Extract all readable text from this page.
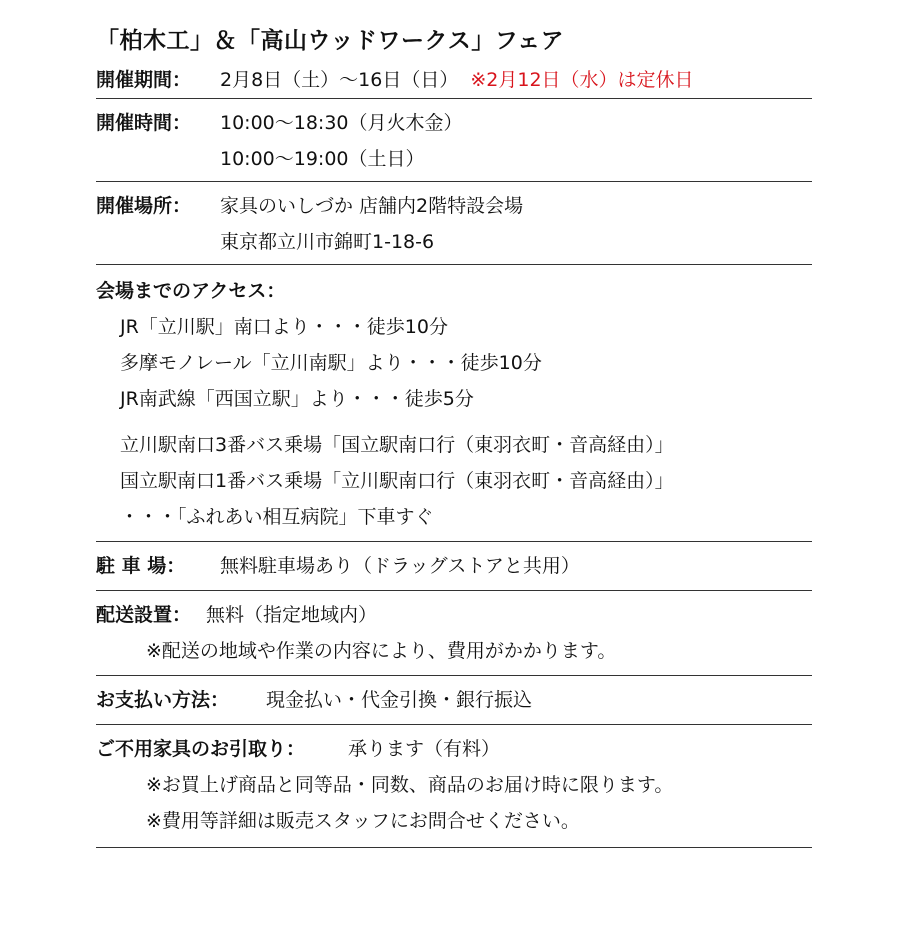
「柏木工」＆「高山ウッドワークス」フェア
開催期間：	2月8日（土）〜16日（日） ※2月12日（水）は定休日
開催時間：	10:00〜18:30（月火木金）
10:00〜19:00（土日）
開催場所：	家具のいしづか 店舗内2階特設会場
東京都立川市錦町1-18-6
会場までのアクセス：
JR「立川駅」南口より・・・徒歩10分
多摩モノレール「立川南駅」より・・・徒歩10分
JR南武線「西国立駅」より・・・徒歩5分
立川駅南口3番バス乗場「国立駅南口行（東羽衣町・音高経由）」
国立駅南口1番バス乗場「立川駅南口行（東羽衣町・音高経由）」
・・・「ふれあい相互病院」下車すぐ
駐 車 場：	無料駐車場あり（ドラッグストアと共用）
配送設置： 無料（指定地域内）
※配送の地域や作業の内容により、費用がかかります。
お支払い方法：	現金払い・代金引換・銀行振込
ご不用家具のお引取り：	承ります（有料）
※お買上げ商品と同等品・同数、商品のお届け時に限ります。
※費用等詳細は販売スタッフにお問合せください。
